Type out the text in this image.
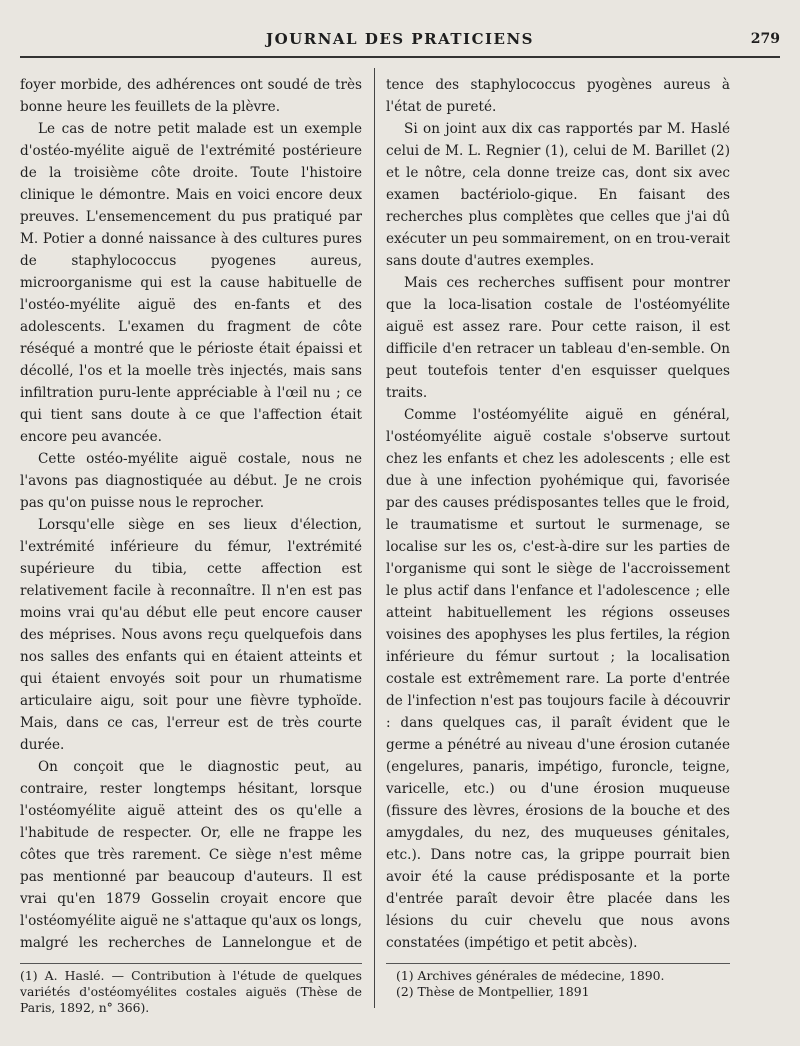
JOURNAL DES PRATICIENS	279

foyer morbide, des adhérences ont soudé de très bonne heure les feuillets de la plèvre.

Le cas de notre petit malade est un exemple d'ostéo-myélite aiguë de l'extrémité postérieure de la troisième côte droite. Toute l'histoire clinique le démontre. Mais en voici encore deux preuves. L'ensemencement du pus pratiqué par M. Potier a donné naissance à des cultures pures de staphylococcus pyogenes aureus, microorganisme qui est la cause habituelle de l'ostéo-myélite aiguë des en-fants et des adolescents. L'examen du fragment de côte réséqué a montré que le périoste était épaissi et décollé, l'os et la moelle très injectés, mais sans infiltration puru-lente appréciable à l'œil nu ; ce qui tient sans doute à ce que l'affection était encore peu avancée.

Cette ostéo-myélite aiguë costale, nous ne l'avons pas diagnostiquée au début. Je ne crois pas qu'on puisse nous le reprocher.

Lorsqu'elle siège en ses lieux d'élection, l'extrémité inférieure du fémur, l'extrémité supérieure du tibia, cette affection est relativement facile à reconnaître. Il n'en est pas moins vrai qu'au début elle peut encore causer des méprises. Nous avons reçu quelquefois dans nos salles des enfants qui en étaient atteints et qui étaient envoyés soit pour un rhumatisme articulaire aigu, soit pour une fièvre typhoïde. Mais, dans ce cas, l'erreur est de très courte durée.

On conçoit que le diagnostic peut, au contraire, rester longtemps hésitant, lorsque l'ostéomyélite aiguë atteint des os qu'elle a l'habitude de respecter. Or, elle ne frappe les côtes que très rarement. Ce siège n'est même pas mentionné par beaucoup d'auteurs. Il est vrai qu'en 1879 Gosselin croyait encore que l'ostéomyélite aiguë ne s'attaque qu'aux os longs, malgré les recherches de Lannelongue et de

tence des staphylococcus pyogènes aureus à l'état de pureté.

Si on joint aux dix cas rapportés par M. Haslé celui de M. L. Regnier (1), celui de M. Barillet (2) et le nôtre, cela donne treize cas, dont six avec examen bactériolo-gique. En faisant des recherches plus complètes que celles que j'ai dû exécuter un peu sommairement, on en trou-verait sans doute d'autres exemples.

Mais ces recherches suffisent pour montrer que la loca-lisation costale de l'ostéomyélite aiguë est assez rare. Pour cette raison, il est difficile d'en retracer un tableau d'en-semble. On peut toutefois tenter d'en esquisser quelques traits.

Comme l'ostéomyélite aiguë en général, l'ostéomyélite aiguë costale s'observe surtout chez les enfants et chez les adolescents ; elle est due à une infection pyohémique qui, favorisée par des causes prédisposantes telles que le froid, le traumatisme et surtout le surmenage, se localise sur les os, c'est-à-dire sur les parties de l'organisme qui sont le siège de l'accroissement le plus actif dans l'enfance et l'adolescence ; elle atteint habituellement les régions osseuses voisines des apophyses les plus fertiles, la région inférieure du fémur surtout ; la localisation costale est extrêmement rare. La porte d'entrée de l'infection n'est pas toujours facile à découvrir : dans quelques cas, il paraît évident que le germe a pénétré au niveau d'une érosion cutanée (engelures, panaris, impétigo, furoncle, teigne, varicelle, etc.) ou d'une érosion muqueuse (fissure des lèvres, érosions de la bouche et des amygdales, du nez, des muqueuses génitales, etc.). Dans notre cas, la grippe pourrait bien avoir été la cause prédisposante et la porte d'entrée paraît devoir être placée dans les lésions du cuir chevelu que nous avons constatées (impétigo et petit abcès).

(1) A. Haslé. — Contribution à l'étude de quelques variétés d'ostéomyélites costales aiguës (Thèse de Paris, 1892, n° 366).
(1) Archives générales de médecine, 1890.
(2) Thèse de Montpellier, 1891
